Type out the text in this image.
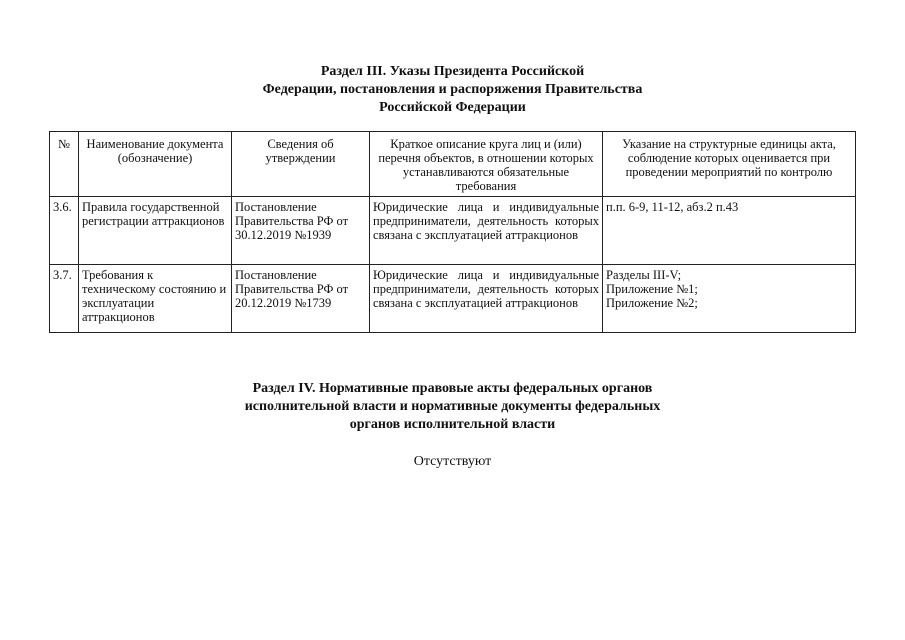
Раздел III. Указы Президента Российской
Федерации, постановления и распоряжения Правительства
Российской Федерации
№	Наименование документа (обозначение)	Сведения об утверждении	Краткое описание круга лиц и (или) перечня объектов, в отношении которых устанавливаются обязательные требования	Указание на структурные единицы акта, соблюдение которых оценивается при проведении мероприятий по контролю
3.6.	Правила государственной регистрации аттракционов	Постановление Правительства РФ от 30.12.2019 №1939	Юридические лица и индивидуальные предприниматели, деятельность которых связана с эксплуатацией аттракционов	п.п. 6-9, 11-12, абз.2 п.43

3.7.	Требования к техническому состоянию и эксплуатации аттракционов	Постановление Правительства РФ от 20.12.2019 №1739	Юридические лица и индивидуальные предприниматели, деятельность которых связана с эксплуатацией аттракционов	Разделы III-V;
Приложение №1;
Приложение №2;
Раздел IV. Нормативные правовые акты федеральных органов
исполнительной власти и нормативные документы федеральных
органов исполнительной власти
Отсутствуют
